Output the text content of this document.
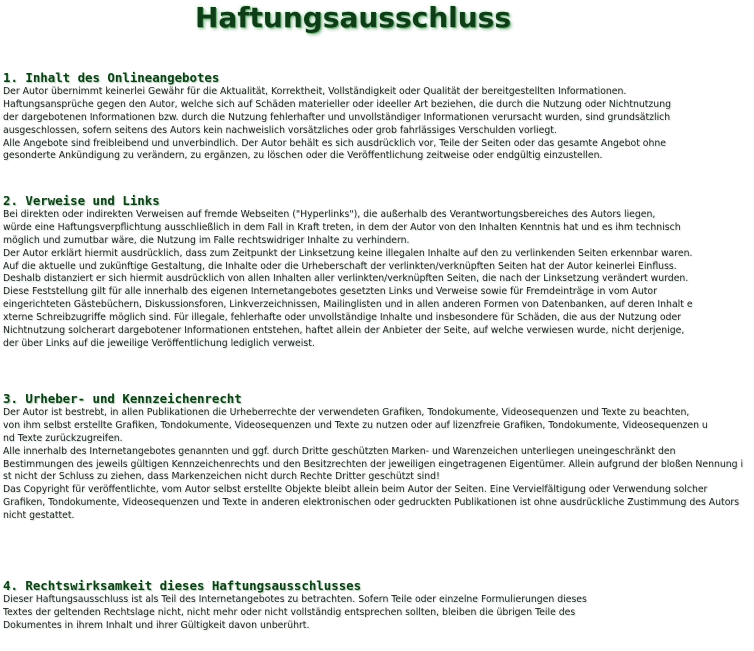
Haftungsausschluss
1. Inhalt des Onlineangebotes
Der Autor übernimmt keinerlei Gewähr für die Aktualität, Korrektheit, Vollständigkeit oder Qualität der bereitgestellten Informationen.
Haftungsansprüche gegen den Autor, welche sich auf Schäden materieller oder ideeller Art beziehen, die durch die Nutzung oder Nichtnutzung
der dargebotenen Informationen bzw. durch die Nutzung fehlerhafter und unvollständiger Informationen verursacht wurden, sind grundsätzlich
ausgeschlossen, sofern seitens des Autors kein nachweislich vorsätzliches oder grob fahrlässiges Verschulden vorliegt.
Alle Angebote sind freibleibend und unverbindlich. Der Autor behält es sich ausdrücklich vor, Teile der Seiten oder das gesamte Angebot ohne
gesonderte Ankündigung zu verändern, zu ergänzen, zu löschen oder die Veröffentlichung zeitweise oder endgültig einzustellen.
2. Verweise und Links
Bei direkten oder indirekten Verweisen auf fremde Webseiten ("Hyperlinks"), die außerhalb des Verantwortungsbereiches des Autors liegen,
würde eine Haftungsverpflichtung ausschließlich in dem Fall in Kraft treten, in dem der Autor von den Inhalten Kenntnis hat und es ihm technisch
möglich und zumutbar wäre, die Nutzung im Falle rechtswidriger Inhalte zu verhindern.
Der Autor erklärt hiermit ausdrücklich, dass zum Zeitpunkt der Linksetzung keine illegalen Inhalte auf den zu verlinkenden Seiten erkennbar waren.
Auf die aktuelle und zukünftige Gestaltung, die Inhalte oder die Urheberschaft der verlinkten/verknüpften Seiten hat der Autor keinerlei Einfluss.
Deshalb distanziert er sich hiermit ausdrücklich von allen Inhalten aller verlinkten/verknüpften Seiten, die nach der Linksetzung verändert wurden.
Diese Feststellung gilt für alle innerhalb des eigenen Internetangebotes gesetzten Links und Verweise sowie für Fremdeinträge in vom Autor
eingerichteten Gästebüchern, Diskussionsforen, Linkverzeichnissen, Mailinglisten und in allen anderen Formen von Datenbanken, auf deren Inhalt e
xterne Schreibzugriffe möglich sind. Für illegale, fehlerhafte oder unvollständige Inhalte und insbesondere für Schäden, die aus der Nutzung oder
Nichtnutzung solcherart dargebotener Informationen entstehen, haftet allein der Anbieter der Seite, auf welche verwiesen wurde, nicht derjenige,
der über Links auf die jeweilige Veröffentlichung lediglich verweist.
3. Urheber- und Kennzeichenrecht
Der Autor ist bestrebt, in allen Publikationen die Urheberrechte der verwendeten Grafiken, Tondokumente, Videosequenzen und Texte zu beachten,
von ihm selbst erstellte Grafiken, Tondokumente, Videosequenzen und Texte zu nutzen oder auf lizenzfreie Grafiken, Tondokumente, Videosequenzen u
nd Texte zurückzugreifen.
Alle innerhalb des Internetangebotes genannten und ggf. durch Dritte geschützten Marken- und Warenzeichen unterliegen uneingeschränkt den
Bestimmungen des jeweils gültigen Kennzeichenrechts und den Besitzrechten der jeweiligen eingetragenen Eigentümer. Allein aufgrund der bloßen Nennung i
st nicht der Schluss zu ziehen, dass Markenzeichen nicht durch Rechte Dritter geschützt sind!
Das Copyright für veröffentlichte, vom Autor selbst erstellte Objekte bleibt allein beim Autor der Seiten. Eine Vervielfältigung oder Verwendung solcher
Grafiken, Tondokumente, Videosequenzen und Texte in anderen elektronischen oder gedruckten Publikationen ist ohne ausdrückliche Zustimmung des Autors
nicht gestattet.
4. Rechtswirksamkeit dieses Haftungsausschlusses
Dieser Haftungsausschluss ist als Teil des Internetangebotes zu betrachten. Sofern Teile oder einzelne Formulierungen dieses
Textes der geltenden Rechtslage nicht, nicht mehr oder nicht vollständig entsprechen sollten, bleiben die übrigen Teile des
Dokumentes in ihrem Inhalt und ihrer Gültigkeit davon unberührt.
